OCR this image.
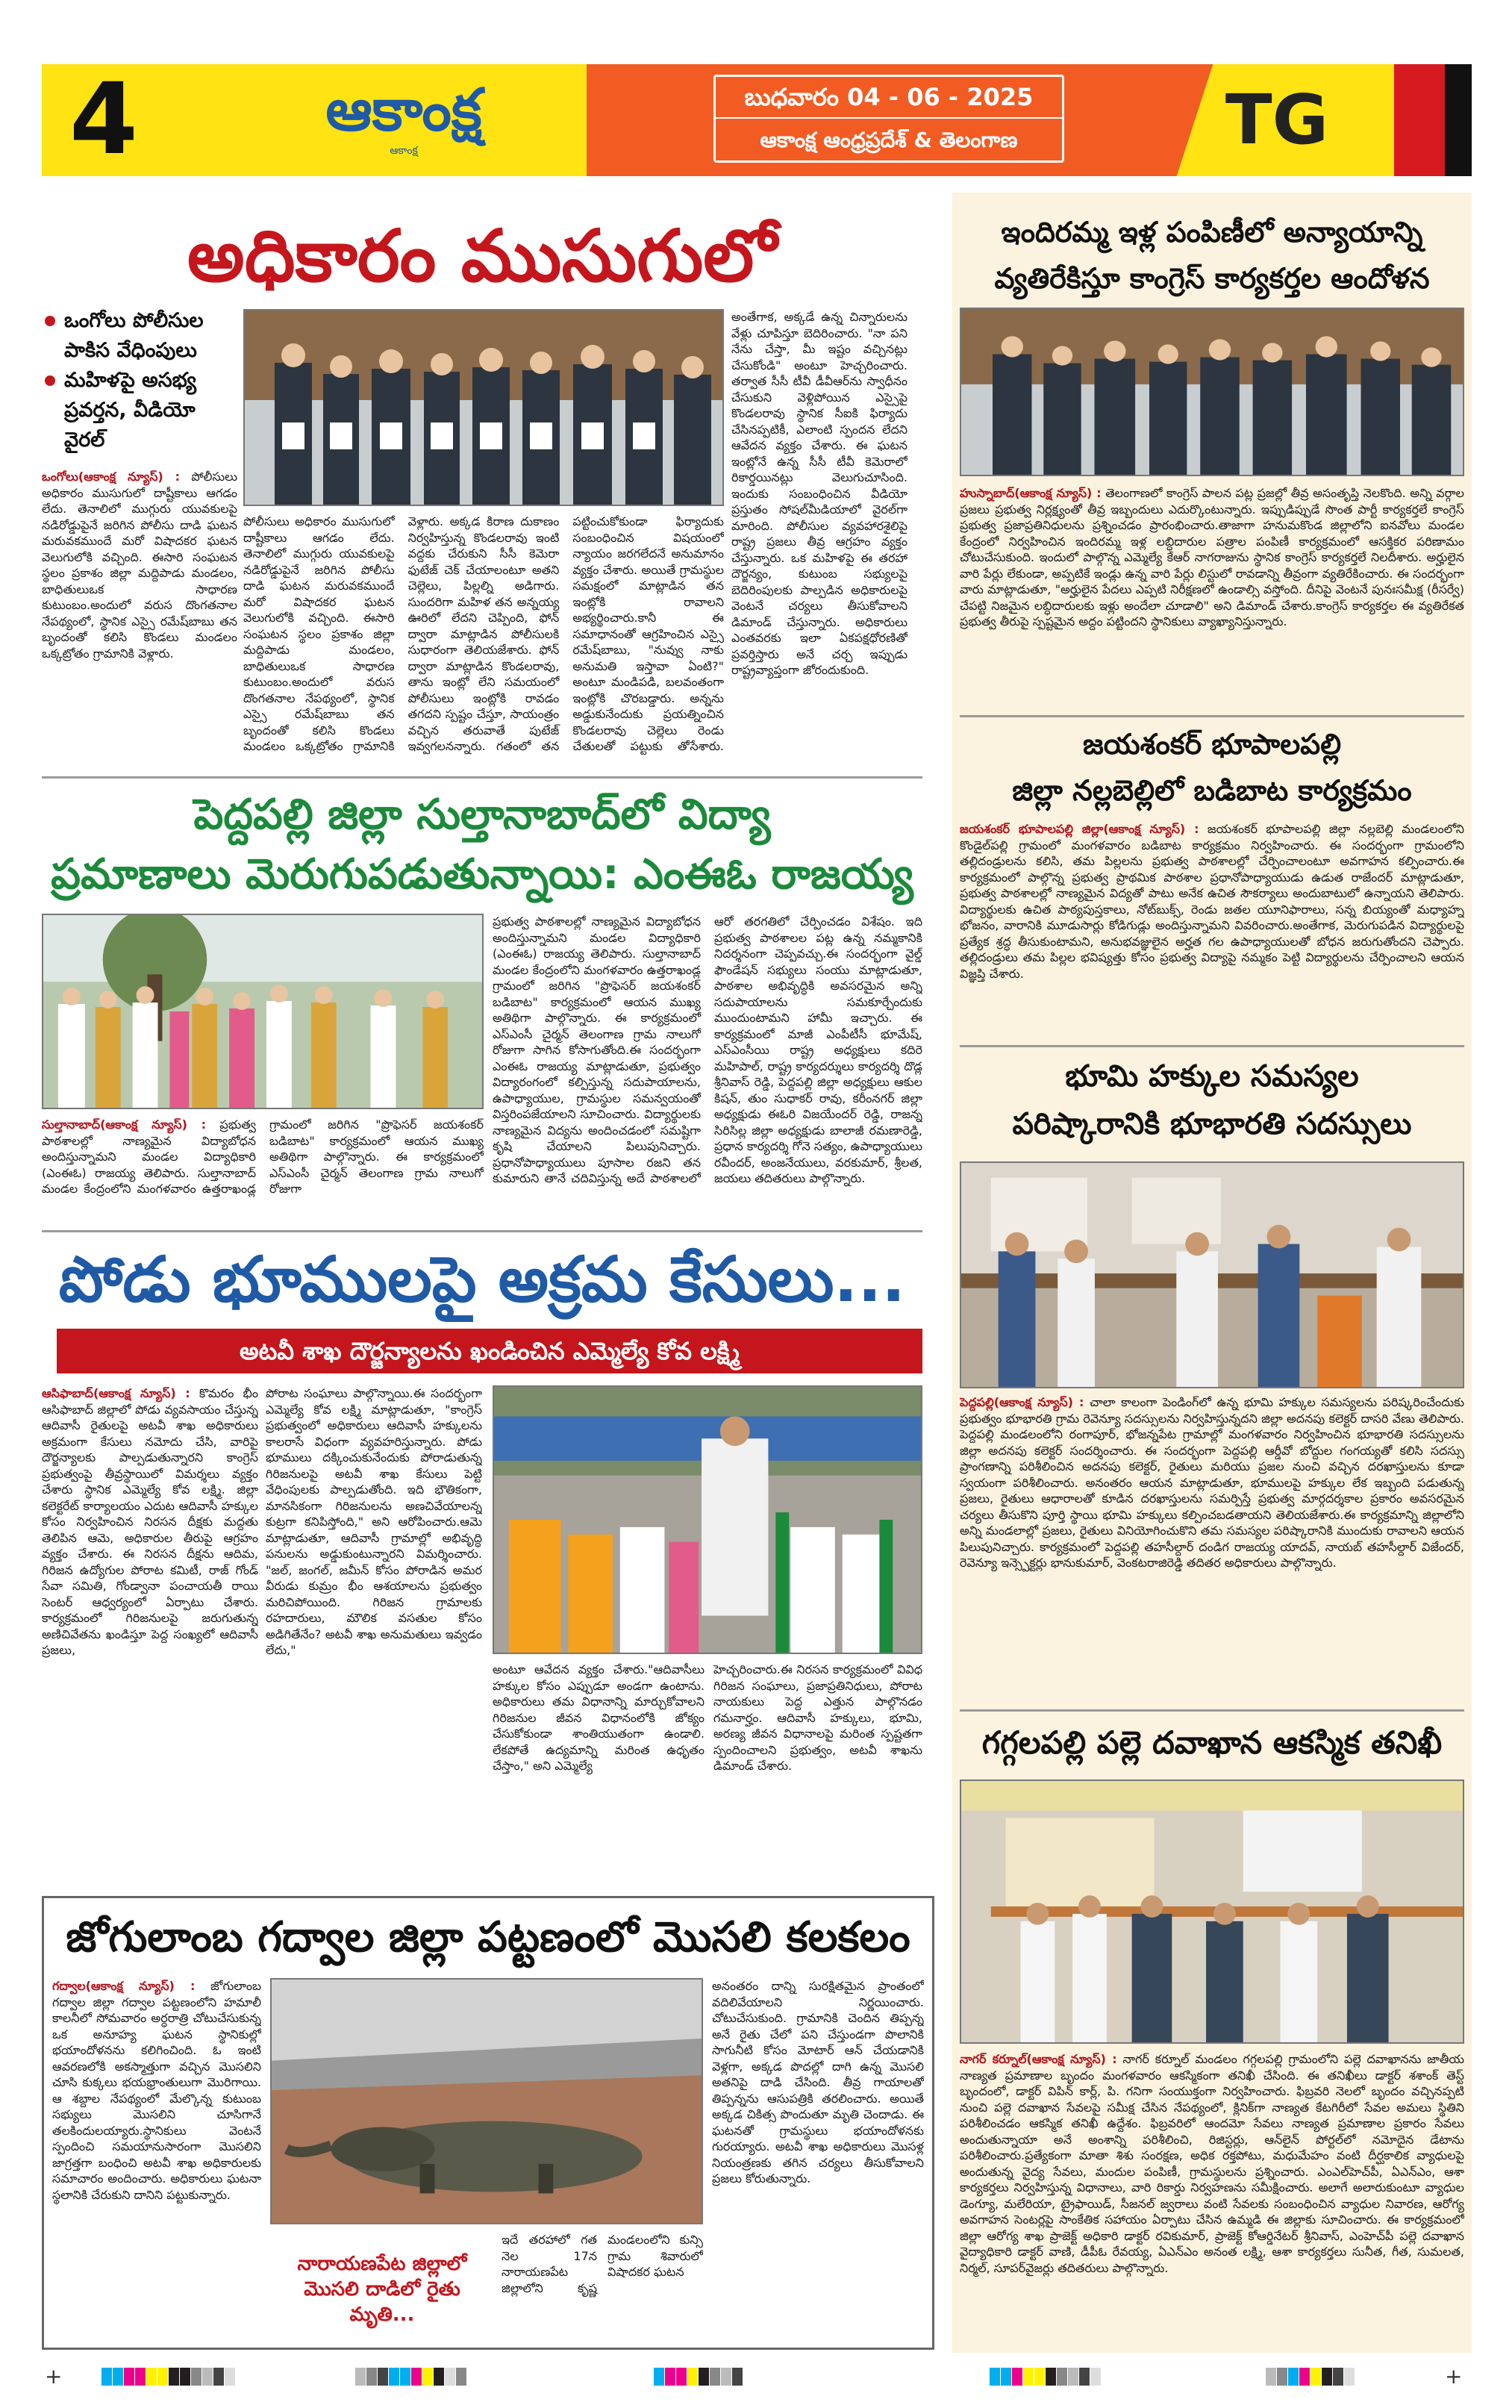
4	ఆకాంక్ష
ఆకాంక్ష
బుధవారం 04 - 06 - 2025
ఆకాంక్ష ఆంధ్రప్రదేశ్ & తెలంగాణ	TG
అధికారం ముసుగులో
ఒంగోలు పోలీసుల పాకిస వేధింపులు
మహిళపై అసభ్య ప్రవర్తన, వీడియో వైరల్
ఒంగోలు(ఆకాంక్ష న్యూస్) : పోలీసులు అధికారం ముసుగులో దాష్టీకాలు ఆగడం లేదు. తెనాలిలో ముగ్గురు యువకులపై నడిరోడ్డుపైనే జరిగిన పోలీసు దాడి ఘటన మరువకముందే మరో విషాదకర ఘటన వెలుగులోకి వచ్చింది. ఈసారి సంఘటన స్థలం ప్రకాశం జిల్లా మద్దిపాడు మండలం, బాధితులుఒక సాధారణ కుటుంబం.అందులో వరుస దొంగతనాల నేపథ్యంలో, స్థానిక ఎస్సై రమేష్‌బాబు తన బృందంతో కలిసి కొండలు మండలం ఒక్కట్రోతం గ్రామానికి వెళ్లారు.
పోలీసులు అధికారం ముసుగులో దాష్టీకాలు ఆగడం లేదు. తెనాలిలో ముగ్గురు యువకులపై నడిరోడ్డుపైనే జరిగిన పోలీసు దాడి ఘటన మరువకముందే మరో విషాదకర ఘటన వెలుగులోకి వచ్చింది. ఈసారి సంఘటన స్థలం ప్రకాశం జిల్లా మద్దిపాడు మండలం, బాధితులుఒక సాధారణ కుటుంబం.అందులో వరుస దొంగతనాల నేపథ్యంలో, స్థానిక ఎస్సై రమేష్‌బాబు తన బృందంతో కలిసి కొండలు మండలం ఒక్కట్రోతం గ్రామానికి వెళ్లారు. అక్కడ కిరాణ దుకాణం నిర్వహిస్తున్న కొండలరావు ఇంటి వద్దకు చేరుకుని సీసీ కెమెరా ఫుటేజ్ చెక్ చేయాలంటూ అతని చెల్లెలు, పిల్లల్ని అడిగారు. సుందరిగా మహిళ తన అన్నయ్య ఊరిలో లేదని చెప్పింది, ఫోన్ ద్వారా మాట్లాడిన పోలీసులకి సుధారంగా తెలియజేశారు. ఫోన్ ద్వారా మాట్లాడిన కొండలరావు, తాను ఇంట్లో లేని సమయంలో పోలీసులు ఇంట్లోకి రావడం తగదని స్పష్టం చేస్తూ, సాయంత్రం వచ్చిన తరువాతే పుటేజ్ ఇవ్వగలనన్నారు. గతంలో తన పట్టించుకోకుండా ఫిర్యాదుకు సంబంధించిన విషయంలో న్యాయం జరగలేదనే అనుమానం వ్యక్తం చేశారు. అయితే గ్రామస్థుల సమక్షంలో మాట్లాడిన తన ఇంట్లోకి రావాలని అభ్యర్థించారు.కానీ ఈ సమాధానంతో ఆగ్రహించిన ఎస్సై రమేష్‌బాబు, "నువ్వు నాకు అనుమతి ఇస్తావా ఏంటి?" అంటూ మండిపడి, బలవంతంగా ఇంట్లోకి చొరబడ్డారు. అన్నను అడ్డుకునేందుకు ప్రయత్నించిన కొండలరావు చెల్లెలు రెండు చేతులతో పట్టుకు తోసేశారు.
అంతేగాక, అక్కడే ఉన్న చిన్నారులను వేళ్లు చూపిస్తూ బెదిరించారు. "నా పని నేను చేస్తా, మీ ఇష్టం వచ్చినట్లు చేసుకోండి" అంటూ హెచ్చరించారు. తర్వాత సీసీ టీవీ డీవీఆర్‌ను స్వాధీనం చేసుకుని వెళ్లిపోయిన ఎస్సైపై కొండలరావు స్థానిక సీఐకి ఫిర్యాదు చేసినప్పటికీ, ఎలాంటి స్పందన లేదని ఆవేదన వ్యక్తం చేశారు. ఈ ఘటన ఇంట్లోనే ఉన్న సీసీ టీవీ కెమెరాలో రికార్డయినట్లు వెలుగుచూసింది. ఇందుకు సంబంధించిన వీడియో ప్రస్తుతం సోషల్‌మీడియాలో వైరల్‌గా మారింది. పోలీసుల వ్యవహారశైలిపై రాష్ట్ర ప్రజలు తీవ్ర ఆగ్రహం వ్యక్తం చేస్తున్నారు. ఒక మహిళపై ఈ తరహా దౌర్జన్యం, కుటుంబ సభ్యులపై బెదిరింపులకు పాల్పడిన అధికారులపై వెంటనే చర్యలు తీసుకోవాలని డిమాండ్ చేస్తున్నారు. అధికారులు ఎంతవరకు ఇలా ఏకపక్షధోరణితో ప్రవర్తిస్తారు అనే చర్చ ఇప్పుడు రాష్ట్రవ్యాప్తంగా జోరందుకుంది.
పెద్దపల్లి జిల్లా సుల్తానాబాద్‌లో విద్యా
ప్రమాణాలు మెరుగుపడుతున్నాయి: ఎంఈఓ రాజయ్య
సుల్తానాబాద్(ఆకాంక్ష న్యూస్) : ప్రభుత్వ పాఠశాలల్లో నాణ్యమైన విద్యాబోధన అందిస్తున్నామని మండల విద్యాధికారి (ఎంఈఓ) రాజయ్య తెలిపారు. సుల్తానాబాద్ మండల కేంద్రంలోని మంగళవారం ఉత్తరాఖండ్ల గ్రామంలో జరిగిన "ప్రొఫెసర్ జయశంకర్ బడిబాట" కార్యక్రమంలో ఆయన ముఖ్య అతిథిగా పాల్గొన్నారు. ఈ కార్యక్రమంలో ఎస్ఎంసీ చైర్మన్ తెలంగాణ గ్రామ నాలుగో రోజుగా
ప్రభుత్వ పాఠశాలల్లో నాణ్యమైన విద్యాబోధన అందిస్తున్నామని మండల విద్యాధికారి (ఎంఈఓ) రాజయ్య తెలిపారు. సుల్తానాబాద్ మండల కేంద్రంలోని మంగళవారం ఉత్తరాఖండ్ల గ్రామంలో జరిగిన "ప్రొఫెసర్ జయశంకర్ బడిబాట" కార్యక్రమంలో ఆయన ముఖ్య అతిథిగా పాల్గొన్నారు. ఈ కార్యక్రమంలో ఎస్ఎంసీ చైర్మన్ తెలంగాణ గ్రామ నాలుగో రోజుగా సాగిన కోసాగుతోంది.ఈ సందర్భంగా ఎంఈఓ రాజయ్య మాట్లాడుతూ, ప్రభుత్వం విద్యారంగంలో కల్పిస్తున్న సదుపాయాలను, ఉపాధ్యాయుల, గ్రామస్థుల సమన్వయంతో విస్తరింపజేయాలని సూచించారు. విద్యార్థులకు నాణ్యమైన విద్యను అందించడంలో సమష్టిగా కృషి చేయాలని పిలుపునిచ్చారు. ప్రధానోపాధ్యాయులు పూసాల రజని తన కుమారుని తానే చదివిస్తున్న అదే పాఠశాలలో ఆరో తరగతిలో చేర్పించడం విశేషం. ఇది ప్రభుత్వ పాఠశాలల పట్ల ఉన్న నమ్మకానికి నిదర్శనంగా చెప్పవచ్చు.ఈ సందర్భంగా వైల్డ్ ఫౌండేషన్ సభ్యులు సంయు మాట్లాడుతూ, పాఠశాల అభివృద్ధికి అవసరమైన అన్ని సదుపాయాలను సమకూర్చేందుకు ముందుంటామని హామీ ఇచ్చారు. ఈ కార్యక్రమంలో మాజీ ఎంపీటీసీ భూమేష్, ఎస్ఎంసీయి రాష్ట్ర అధ్యక్షులు కదిరె మహిపాల్, రాష్ట్ర కార్యదర్శులు కార్యదర్శి దొడ్ల శ్రీనివాస్ రెడ్డి, పెద్దపల్లి జిల్లా అధ్యక్షులు ఆకుల కిషన్, తుం సుధాకర్ రావు, కరీంనగర్ జిల్లా అధ్యక్షుడు ఈఓరి విజయేందర్ రెడ్డి, రాజన్న సిరిసిల్ల జిల్లా అధ్యక్షుడు బాలాజీ రమణారెడ్డి, ప్రధాన కార్యదర్శి గోనె సత్యం, ఉపాధ్యాయులు రవీందర్, అంజనేయులు, వరకుమార్, శ్రీలత, జయలు తదితరులు పాల్గొన్నారు.
పోడు భూములపై అక్రమ కేసులు...
అటవీ శాఖ దౌర్జన్యాలను ఖండించిన ఎమ్మెల్యే కోవ లక్ష్మి
ఆసిఫాబాద్(ఆకాంక్ష న్యూస్) : కొమరం భీం ఆసిఫాబాద్ జిల్లాలో పోడు వ్యవసాయం చేస్తున్న ఆదివాసీ రైతులపై అటవీ శాఖ అధికారులు అక్రమంగా కేసులు నమోదు చేసి, వారిపై దౌర్జన్యాలకు పాల్పడుతున్నారని కాంగ్రెస్ ప్రభుత్వంపై తీవ్రస్థాయిలో విమర్శలు వ్యక్తం చేశారు స్థానిక ఎమ్మెల్యే కోవ లక్ష్మి. జిల్లా కలెక్టరేట్ కార్యాలయం ఎదుట ఆదివాసీ హక్కుల కోసం నిర్వహించిన నిరసన దీక్షకు మద్దతు తెలిపిన ఆమె, అధికారుల తీరుపై ఆగ్రహం వ్యక్తం చేశారు. ఈ నిరసన దీక్షను ఆదిమ, గిరిజన ఉద్యోగుల పోరాట కమిటీ, రాజ్ గోండ్ సేవా సమితి, గోండ్వానా పంచాయతీ రాయి సెంటర్ ఆధ్వర్యంలో ఏర్పాటు చేశారు. కార్యక్రమంలో గిరిజనులపై జరుగుతున్న అణిచివేతను ఖండిస్తూ పెద్ద సంఖ్యలో ఆదివాసీ ప్రజలు,
పోరాట సంఘాలు పాల్గొన్నాయి.ఈ సందర్భంగా ఎమ్మెల్యే కోవ లక్ష్మి మాట్లాడుతూ, "కాంగ్రెస్ ప్రభుత్వంలో అధికారులు ఆదివాసీ హక్కులను కాలరాసే విధంగా వ్యవహరిస్తున్నారు. పోడు భూములు దక్కించుకునేందుకు పోరాడుతున్న గిరిజనులపై అటవీ శాఖ కేసులు పెట్టి వేధింపులకు పాల్పడుతోంది. ఇది భౌతికంగా, మానసికంగా గిరిజనులను అణచివేయాలన్న కుట్రగా కనిపిస్తోంది," అని ఆరోపించారు.ఆమె మాట్లాడుతూ, ఆదివాసీ గ్రామాల్లో అభివృద్ధి పనులను అడ్డుకుంటున్నారని విమర్శించారు. "జల్, జంగల్, జమీన్ కోసం పోరాడిన అమర వీరుడు కుమ్రం భీం ఆశయాలను ప్రభుత్వం మరిచిపోయింది. గిరిజన గ్రామాలకు రహదారులు, మౌలిక వసతుల కోసం అడిగితేనేం? అటవీ శాఖ అనుమతులు ఇవ్వడం లేదు,"
అంటూ ఆవేదన వ్యక్తం చేశారు."ఆదివాసీలు హక్కుల కోసం ఎప్పుడూ అండగా ఉంటాను. అధికారులు తమ విధానాన్ని మార్చుకోవాలని గిరిజనుల జీవన విధానంలోకి జోక్యం చేసుకోకుండా శాంతియుతంగా ఉండాలి. లేకపోతే ఉద్యమాన్ని మరింత ఉధృతం చేస్తాం," అని ఎమ్మెల్యే
హెచ్చరించారు.ఈ నిరసన కార్యక్రమంలో వివిధ గిరిజన సంఘాలు, ప్రజాప్రతినిధులు, పోరాట నాయకులు పెద్ద ఎత్తున పాల్గొనడం గమనార్హం. ఆదివాసీ హక్కులు, భూమి, అరణ్య జీవన విధానాలపై మరింత స్పష్టతగా స్పందించాలని ప్రభుత్వం, అటవీ శాఖను డిమాండ్ చేశారు.
జోగులాంబ గద్వాల జిల్లా పట్టణంలో మొసలి కలకలం
గద్వాల(ఆకాంక్ష న్యూస్) : జోగులాంబ గద్వాల జిల్లా గద్వాల పట్టణంలోని హమాలీ కాలనీలో సోమవారం అర్ధరాత్రి చోటుచేసుకున్న ఒక అనూహ్య ఘటన స్థానికుల్లో భయాందోళనను కలిగించింది. ఓ ఇంటి ఆవరణలోకి అకస్మాత్తుగా వచ్చిన మొసలిని చూసి కుక్కలు భయభ్రాంతులుగా మొరిగాయి. ఆ శబ్దాల నేపథ్యంలో మేల్కొన్న కుటుంబ సభ్యులు మొసలిని చూసిగానే తలకిందులయ్యారు.స్థానికులు వెంటనే స్పందించి సమయానుసారంగా మొసలిని జాగ్రత్తగా బంధించి అటవీ శాఖ అధికారులకు సమాచారం అందించారు. అధికారులు ఘటనా స్థలానికి చేరుకుని దానిని పట్టుకున్నారు.
నారాయణపేట జిల్లాలో మొసలి దాడిలో రైతు మృతి...
ఇదే తరహాలో గత నెల 17న నారాయణపేట జిల్లాలోని కృష్ణ మండలంలోని కున్సి గ్రామ శివారులో విషాదకర ఘటన
అనంతరం దాన్ని సురక్షితమైన ప్రాంతంలో వదిలివేయాలని నిర్ణయించారు. చోటుచేసుకుంది. గ్రామానికి చెందిన తిప్పన్న అనే రైతు చేలో పని చేస్తుండగా పొలానికి సాగునీటి కోసం మోటార్ ఆన్ చేయడానికి వెళ్లగా, అక్కడ పొదల్లో దాగి ఉన్న మొసలి అతనిపై దాడి చేసింది. తీవ్ర గాయాలతో తిప్పన్నను ఆసుపత్రికి తరలించారు. అయితే అక్కడ చికిత్స పొందుతూ మృతి చెందాడు. ఈ ఘటనతో గ్రామస్థులు భయాందోళనకు గురయ్యారు. అటవీ శాఖ అధికారులు మొసళ్ల నియంత్రణకు తగిన చర్యలు తీసుకోవాలని ప్రజలు కోరుతున్నారు.
ఇందిరమ్మ ఇళ్ల పంపిణీలో అన్యాయాన్ని
వ్యతిరేకిస్తూ కాంగ్రెస్ కార్యకర్తల ఆందోళన
హుస్నాబాద్(ఆకాంక్ష న్యూస్) : తెలంగాణలో కాంగ్రెస్ పాలన పట్ల ప్రజల్లో తీవ్ర అసంతృప్తి నెలకొంది. అన్ని వర్గాల ప్రజలు ప్రభుత్వ నిర్లక్ష్యంతో తీవ్ర ఇబ్బందులు ఎదుర్కొంటున్నారు. ఇప్పుడిప్పుడే సొంత పార్టీ కార్యకర్తలే కాంగ్రెస్ ప్రభుత్వ ప్రజాప్రతినిధులను ప్రశ్నించడం ప్రారంభించారు.తాజాగా హనుమకొండ జిల్లాలోని ఐనవోలు మండల కేంద్రంలో నిర్వహించిన ఇందిరమ్మ ఇళ్ల లబ్ధిదారుల పత్రాల పంపిణీ కార్యక్రమంలో ఆసక్తికర పరిణామం చోటుచేసుకుంది. ఇందులో పాల్గొన్న ఎమ్మెల్యే కేఆర్ నాగరాజును స్థానిక కాంగ్రెస్ కార్యకర్తలే నిలదీశారు. అర్హులైన వారి పేర్లు లేకుండా, అప్పటికే ఇండ్లు ఉన్న వారి పేర్లు లిస్టులో రావడాన్ని తీవ్రంగా వ్యతిరేకించారు. ఈ సందర్భంగా వారు మాట్లాడుతూ, "అర్హులైన పేదలు ఎప్పటి నిరీక్షణలో ఉండాల్సి వస్తోంది. దీనిపై వెంటనే పునఃసమీక్ష (రీసర్వే) చేపట్టి నిజమైన లబ్ధిదారులకు ఇళ్లు అందేలా చూడాలి" అని డిమాండ్ చేశారు.కాంగ్రెస్ కార్యకర్తల ఈ వ్యతిరేకత ప్రభుత్వ తీరుపై స్పష్టమైన అద్దం పట్టిందని స్థానికులు వ్యాఖ్యానిస్తున్నారు.
జయశంకర్ భూపాలపల్లి
జిల్లా నల్లబెల్లిలో బడిబాట కార్యక్రమం
జయశంకర్ భూపాలపల్లి జిల్లా(ఆకాంక్ష న్యూస్) : జయశంకర్ భూపాలపల్లి జిల్లా నల్లబెల్లి మండలంలోని కొండైల్‌పల్లి గ్రామంలో మంగళవారం బడిబాట కార్యక్రమం నిర్వహించారు. ఈ సందర్భంగా గ్రామంలోని తల్లిదండ్రులను కలిసి, తమ పిల్లలను ప్రభుత్వ పాఠశాలల్లో చేర్పించాలంటూ అవగాహన కల్పించారు.ఈ కార్యక్రమంలో పాల్గొన్న ప్రభుత్వ ప్రాథమిక పాఠశాల ప్రధానోపాధ్యాయుడు ఉడుత రాజేందర్ మాట్లాడుతూ, ప్రభుత్వ పాఠశాలల్లో నాణ్యమైన విద్యతో పాటు అనేక ఉచిత సౌకర్యాలు అందుబాటులో ఉన్నాయని తెలిపారు. విద్యార్థులకు ఉచిత పాఠ్యపుస్తకాలు, నోట్‌బుక్స్, రెండు జతల యూనిఫారాలు, సన్న బియ్యంతో మధ్యాహ్న భోజనం, వారానికి మూడుసార్లు కోడిగుడ్లు అందిస్తున్నామని వివరించారు.అంతేగాక, మెరుగుపడిన విద్యార్థులపై ప్రత్యేక శ్రద్ధ తీసుకుంటామని, అనుభవజ్ఞులైన అర్హత గల ఉపాధ్యాయులతో బోధన జరుగుతోందని చెప్పారు. తల్లిదండ్రులు తమ పిల్లల భవిష్యత్తు కోసం ప్రభుత్వ విద్యాపై నమ్మకం పెట్టి విద్యార్థులను చేర్పించాలని ఆయన విజ్ఞప్తి చేశారు.
భూమి హక్కుల సమస్యల
పరిష్కారానికి భూభారతి సదస్సులు
పెద్దపల్లి(ఆకాంక్ష న్యూస్) : చాలా కాలంగా పెండింగ్‌లో ఉన్న భూమి హక్కుల సమస్యలను పరిష్కరించేందుకు ప్రభుత్వం భూభారతి గ్రామ రెవెన్యూ సదస్సులను నిర్వహిస్తున్నదని జిల్లా అదనపు కలెక్టర్ దాసరి వేణు తెలిపారు. పెద్దపల్లి మండలంలోని రంగాపూర్, భోజన్నపేట గ్రామాల్లో మంగళవారం నిర్వహించిన భూభారతి సదస్సులను జిల్లా అదనపు కలెక్టర్ సందర్శించారు. ఈ సందర్భంగా పెద్దపల్లి ఆర్డీవో బోద్దుల గంగయ్యతో కలిసి సదస్సు ప్రాంగణాన్ని పరిశీలించిన అదనపు కలెక్టర్, రైతులు మరియు ప్రజల నుంచి వచ్చిన దరఖాస్తులను కూడా స్వయంగా పరిశీలించారు. అనంతరం ఆయన మాట్లాడుతూ, భూములపై హక్కుల లేక ఇబ్బంది పడుతున్న ప్రజలు, రైతులు ఆధారాలతో కూడిన దరఖాస్తులను సమర్పిస్తే ప్రభుత్వ మార్గదర్శకాల ప్రకారం అవసరమైన చర్యలు తీసుకొని పూర్తి స్థాయి భూమి హక్కులు కల్పించబడతాయని తెలియజేశారు.ఈ కార్యక్రమాన్ని జిల్లాలోని అన్ని మండలాల్లో ప్రజలు, రైతులు వినియోగించుకొని తమ సమస్యల పరిష్కారానికి ముందుకు రావాలని ఆయన పిలుపునిచ్చారు. కార్యక్రమంలో పెద్దపల్లి తహసీల్దార్ దండిగ రాజయ్య యాదవ్, నాయబ్ తహసీల్దార్ విజేందర్, రెవెన్యూ ఇన్స్పెక్టర్లు భానుకుమార్, వెంకటరాజిరెడ్డి తదితర అధికారులు పాల్గొన్నారు.
గగ్గలపల్లి పల్లె దవాఖాన ఆకస్మిక తనిఖీ
నాగర్ కర్నూల్(ఆకాంక్ష న్యూస్) : నాగర్ కర్నూల్ మండలం గగ్గలపల్లి గ్రామంలోని పల్లె దవాఖానను జాతీయ నాణ్యత ప్రమాణాల బృందం మంగళవారం ఆకస్మికంగా తనిఖీ చేసింది. ఈ తనిఖీలు డాక్టర్ శశాంక్ తెస్ట్ బృందంలో, డాక్టర్ విపిన్ కార్ల్, పి. గనిగా సంయుక్తంగా నిర్వహించారు. ఫిబ్రవరి నెలలో బృందం వచ్చినప్పటి నుంచి పల్లె దవాఖాన సేవలపై సమీక్ష చేసిన నేపథ్యంలో, క్లినిక్‌గా నాణ్యత కేటగిరీలో సేవల అమలు స్థితిని పరిశీలించడం ఆకస్మిక తనిఖీ ఉద్దేశం. ఫిబ్రవరిలో ఆందమో సేవలు నాణ్యత ప్రమాణాల ప్రకారం సేవలు అందుతున్నాయా అనే అంశాన్ని పరిశీలించి, రిజిస్టర్లు, ఆన్‌లైన్ పోర్టల్‌లో నమోదైన డేటాను పరిశీలించారు.ప్రత్యేకంగా మాతా శిశు సంరక్షణ, అధిక రక్తపోటు, మధుమేహం వంటి దీర్ఘకాలిక వ్యాధులపై అందుతున్న వైద్య సేవలు, మందుల పంపిణీ, గ్రామస్థులను ప్రశ్నించారు. ఎంఎల్‌హెచ్‌పీ, ఏఎన్‌ఎం, ఆశా కార్యకర్తలు నిర్వహిస్తున్న విధానాలు, వారి రికార్డు నిర్వహణను సమీక్షించారు. అలాగే అలారుకుంటూ వ్యాధుల డెంగ్యూ, మలేరియా, ట్రైఫాయిడ్, సీజనల్ జ్వరాలు వంటి సేవలకు సంబంధించిన వ్యాధుల నివారణ, ఆరోగ్య అవగాహన సెంటర్లపై సాంకేతిక సహాయం ఏర్పాటు చేసిన ఉమ్మడి ఈ జిల్లాకు సూచించారు. ఈ కార్యక్రమంలో జిల్లా ఆరోగ్య శాఖ ప్రాజెక్ట్ అధికారి డాక్టర్ రవికుమార్, ప్రాజెక్ట్ కోఆర్డినేటర్ శ్రీనివాస్, ఎంహెచ్‌పీ పల్లె దవాఖాన వైద్యాధికారి డాక్టర్ వాణి, డీపీఓ రేవయ్య, ఏఎన్‌ఎం అనంత లక్ష్మి, ఆశా కార్యకర్తలు సునీత, గీత, సుమలత, నిర్మల్, సూపర్‌వైజర్లు తదితరులు పాల్గొన్నారు.
+	+
